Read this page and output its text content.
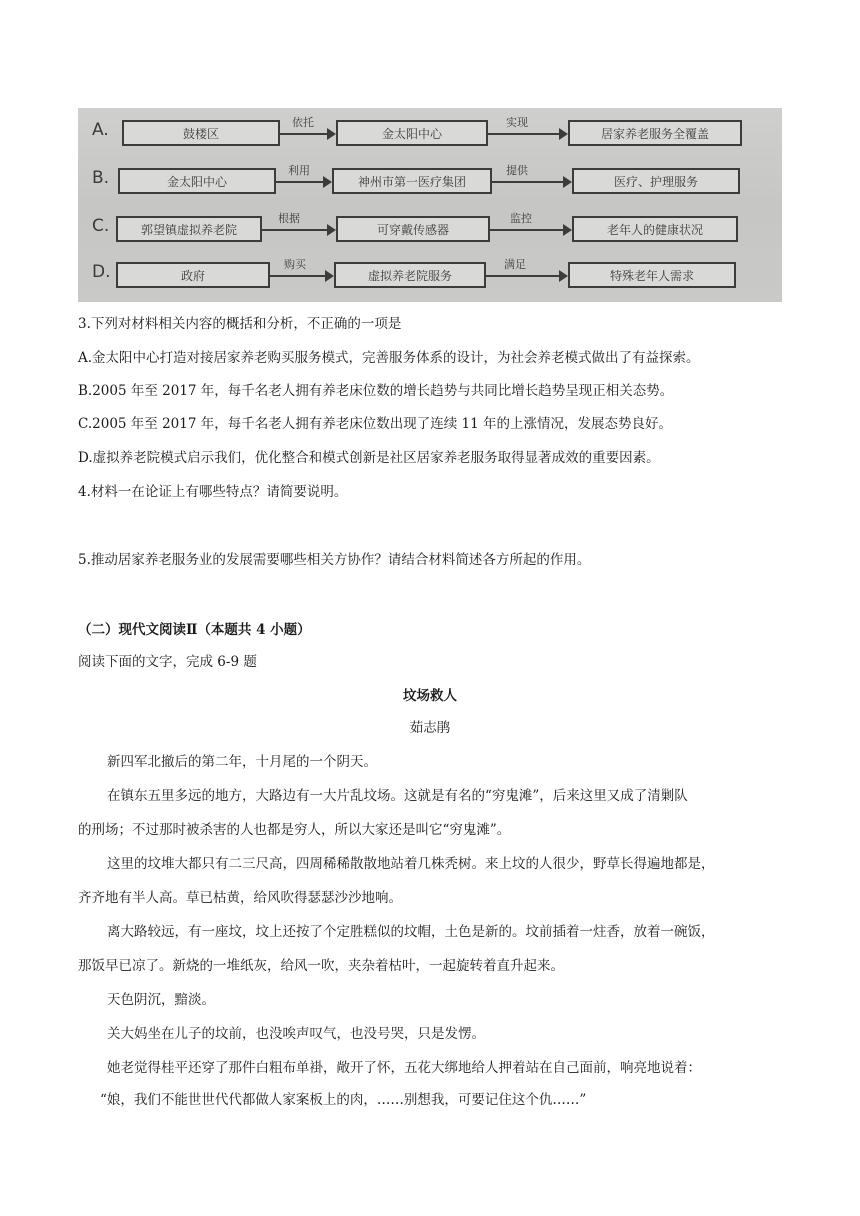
A.	鼓楼区
依托
金太阳中心
实现
居家养老服务全覆盖
B.	金太阳中心
利用
神州市第一医疗集团
提供
医疗、护理服务
C.	郭望镇虚拟养老院
根据
可穿戴传感器
监控
老年人的健康状况
D.	政府
购买
虚拟养老院服务
满足
特殊老年人需求
3.下列对材料相关内容的概括和分析，不正确的一项是
A.金太阳中心打造对接居家养老购买服务模式，完善服务体系的设计，为社会养老模式做出了有益探索。
B.2005 年至 2017 年，每千名老人拥有养老床位数的增长趋势与共同比增长趋势呈现正相关态势。
C.2005 年至 2017 年，每千名老人拥有养老床位数出现了连续 11 年的上涨情况，发展态势良好。
D.虚拟养老院模式启示我们，优化整合和模式创新是社区居家养老服务取得显著成效的重要因素。
4.材料一在论证上有哪些特点？请简要说明。
5.推动居家养老服务业的发展需要哪些相关方协作？请结合材料简述各方所起的作用。
（二）现代文阅读Ⅱ（本题共 4 小题）
阅读下面的文字，完成 6-9 题
坟场救人
茹志鹃
新四军北撤后的第二年，十月尾的一个阴天。
在镇东五里多远的地方，大路边有一大片乱坟场。这就是有名的“穷鬼滩”，后来这里又成了清剿队
的刑场；不过那时被杀害的人也都是穷人，所以大家还是叫它“穷鬼滩”。
这里的坟堆大都只有二三尺高，四周稀稀散散地站着几株秃树。来上坟的人很少，野草长得遍地都是，
齐齐地有半人高。草已枯黄，给风吹得瑟瑟沙沙地响。
离大路较远，有一座坟，坟上还按了个定胜糕似的坟帽，土色是新的。坟前插着一炷香，放着一碗饭，
那饭早已凉了。新烧的一堆纸灰，给风一吹，夹杂着枯叶，一起旋转着直升起来。
天色阴沉，黯淡。
关大妈坐在儿子的坟前，也没唉声叹气，也没号哭，只是发愣。
她老觉得桂平还穿了那件白粗布单褂，敞开了怀，五花大绑地给人押着站在自己面前，响亮地说着：
“娘，我们不能世世代代都做人家案板上的肉，……别想我，可要记住这个仇……”
